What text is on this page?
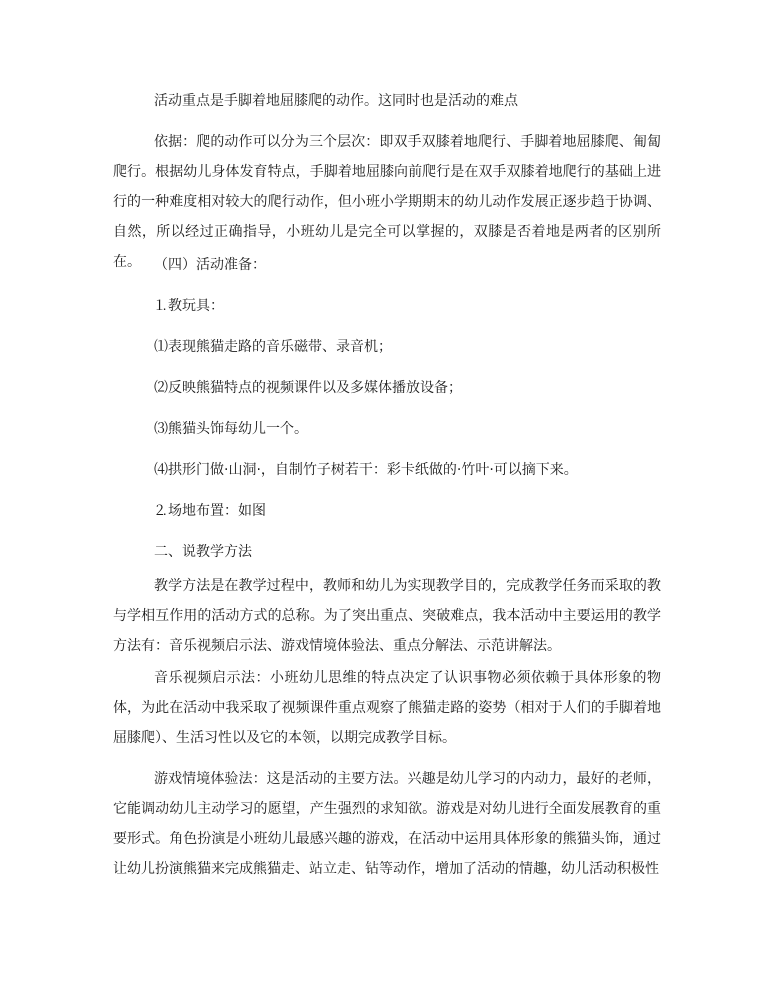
活动重点是手脚着地屈膝爬的动作。这同时也是活动的难点

依据：爬的动作可以分为三个层次：即双手双膝着地爬行、手脚着地屈膝爬、匍匐爬行。根据幼儿身体发育特点，手脚着地屈膝向前爬行是在双手双膝着地爬行的基础上进行的一种难度相对较大的爬行动作，但小班小学期期末的幼儿动作发展正逐步趋于协调、自然，所以经过正确指导，小班幼儿是完全可以掌握的，双膝是否着地是两者的区别所在。 （四）活动准备：

⒈教玩具：

⑴表现熊猫走路的音乐磁带、录音机；

⑵反映熊猫特点的视频课件以及多媒体播放设备；

⑶熊猫头饰每幼儿一个。

⑷拱形门做·山洞·，自制竹子树若干：彩卡纸做的·竹叶·可以摘下来。

⒉场地布置：如图

二、说教学方法

教学方法是在教学过程中，教师和幼儿为实现教学目的，完成教学任务而采取的教与学相互作用的活动方式的总称。为了突出重点、突破难点，我本活动中主要运用的教学方法有：音乐视频启示法、游戏情境体验法、重点分解法、示范讲解法。

音乐视频启示法：小班幼儿思维的特点决定了认识事物必须依赖于具体形象的物体，为此在活动中我采取了视频课件重点观察了熊猫走路的姿势（相对于人们的手脚着地屈膝爬）、生活习性以及它的本领，以期完成教学目标。

游戏情境体验法：这是活动的主要方法。兴趣是幼儿学习的内动力，最好的老师，它能调动幼儿主动学习的愿望，产生强烈的求知欲。游戏是对幼儿进行全面发展教育的重要形式。角色扮演是小班幼儿最感兴趣的游戏，在活动中运用具体形象的熊猫头饰，通过让幼儿扮演熊猫来完成熊猫走、站立走、钻等动作，增加了活动的情趣，幼儿活动积极性
